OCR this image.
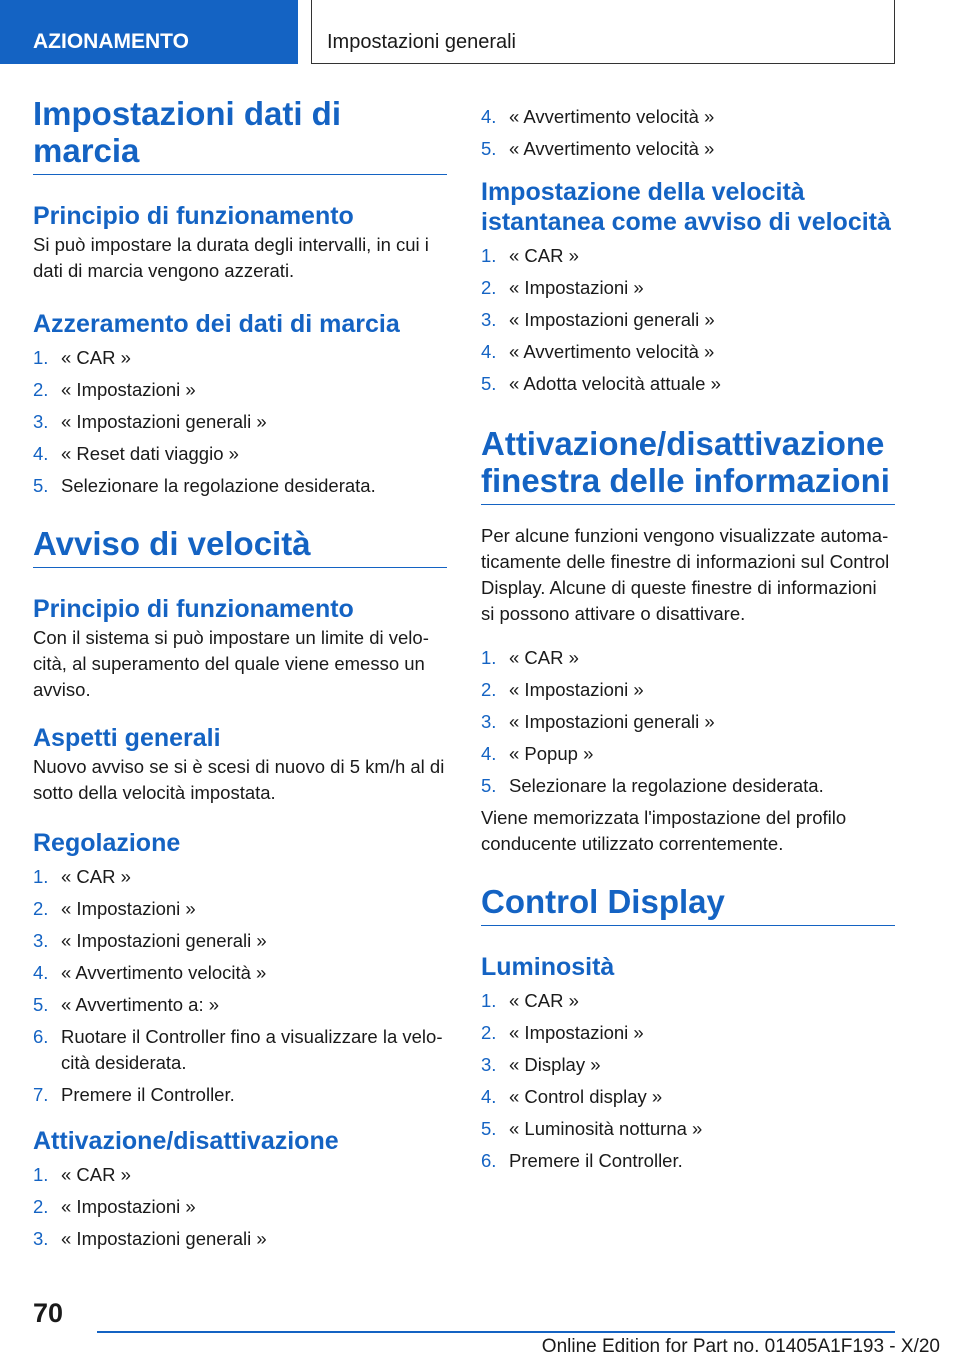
AZIONAMENTO	Impostazioni generali
Impostazioni dati di marcia
Principio di funzionamento

Si può impostare la durata degli intervalli, in cui i dati di marcia vengono azzerati.

Azzeramento dei dati di marcia
1. « CAR »
2. « Impostazioni »
3. « Impostazioni generali »
4. « Reset dati viaggio »
5. Selezionare la regolazione desiderata.
Avviso di velocità
Principio di funzionamento

Con il sistema si può impostare un limite di velocità, al superamento del quale viene emesso un avviso.

Aspetti generali

Nuovo avviso se si è scesi di nuovo di 5 km/h al di sotto della velocità impostata.

Regolazione
1. « CAR »
2. « Impostazioni »
3. « Impostazioni generali »
4. « Avvertimento velocità »
5. « Avvertimento a: »
6. Ruotare il Controller fino a visualizzare la velocità desiderata.
7. Premere il Controller.
Attivazione/disattivazione
1. « CAR »
2. « Impostazioni »
3. « Impostazioni generali »
4. « Avvertimento velocità »
5. « Avvertimento velocità »
Impostazione della velocità istantanea come avviso di velocità
1. « CAR »
2. « Impostazioni »
3. « Impostazioni generali »
4. « Avvertimento velocità »
5. « Adotta velocità attuale »
Attivazione/disattivazione finestra delle informazioni

Per alcune funzioni vengono visualizzate automaticamente delle finestre di informazioni sul Control Display. Alcune di queste finestre di informazioni si possono attivare o disattivare.

1. « CAR »
2. « Impostazioni »
3. « Impostazioni generali »
4. « Popup »
5. Selezionare la regolazione desiderata.

Viene memorizzata l'impostazione del profilo conducente utilizzato correntemente.

Control Display
Luminosità
1. « CAR »
2. « Impostazioni »
3. « Display »
4. « Control display »
5. « Luminosità notturna »
6. Premere il Controller.
70
Online Edition for Part no. 01405A1F193 - X/20
